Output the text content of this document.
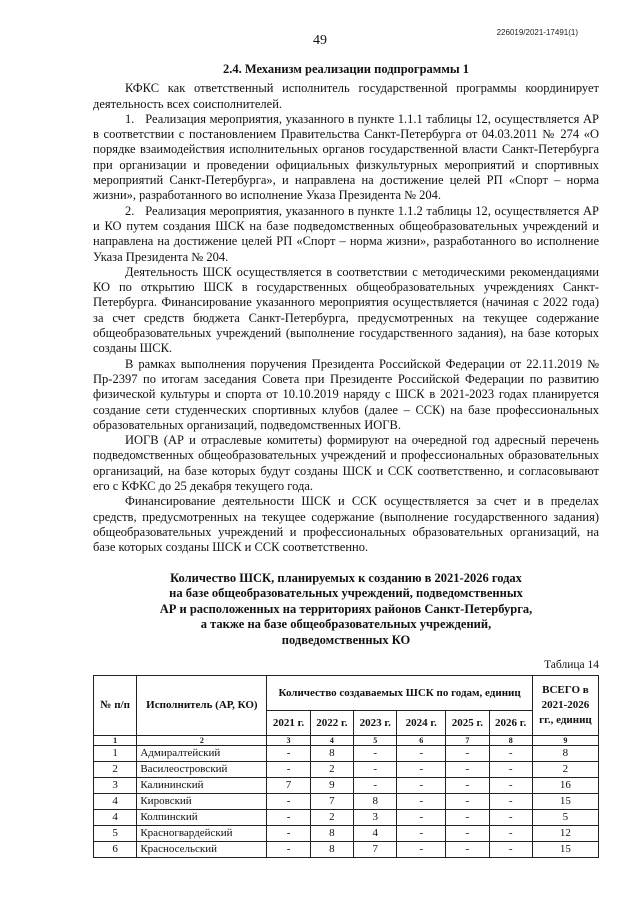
226019/2021-17491(1)
49
2.4. Механизм реализации подпрограммы 1

КФКС как ответственный исполнитель государственной программы координирует деятельность всех соисполнителей.

1.   Реализация мероприятия, указанного в пункте 1.1.1 таблицы 12, осуществляется АР в соответствии с постановлением Правительства Санкт-Петербурга от 04.03.2011 № 274 «О порядке взаимодействия исполнительных органов государственной власти Санкт-Петербурга при организации и проведении официальных физкультурных мероприятий и спортивных мероприятий Санкт-Петербурга», и направлена на достижение целей РП «Спорт – норма жизни», разработанного во исполнение Указа Президента № 204.

2.   Реализация мероприятия, указанного в пункте 1.1.2 таблицы 12, осуществляется АР и КО путем создания ШСК на базе подведомственных общеобразовательных учреждений и направлена на достижение целей РП «Спорт – норма жизни», разработанного во исполнение Указа Президента № 204.

Деятельность ШСК осуществляется в соответствии с методическими рекомендациями КО по открытию ШСК в государственных общеобразовательных учреждениях Санкт-Петербурга. Финансирование указанного мероприятия осуществляется (начиная с 2022 года) за счет средств бюджета Санкт-Петербурга, предусмотренных на текущее содержание общеобразовательных учреждений (выполнение государственного задания), на базе которых созданы ШСК.

В рамках выполнения поручения Президента Российской Федерации от 22.11.2019 № Пр-2397 по итогам заседания Совета при Президенте Российской Федерации по развитию физической культуры и спорта от 10.10.2019 наряду с ШСК в 2021-2023 годах планируется создание сети студенческих спортивных клубов (далее – ССК) на базе профессиональных образовательных организаций, подведомственных ИОГВ.

ИОГВ (АР и отраслевые комитеты) формируют на очередной год адресный перечень подведомственных общеобразовательных учреждений и профессиональных образовательных организаций, на базе которых будут созданы ШСК и ССК соответственно, и согласовывают его с КФКС до 25 декабря текущего года.

Финансирование деятельности ШСК и ССК осуществляется за счет и в пределах средств, предусмотренных на текущее содержание (выполнение государственного задания) общеобразовательных учреждений и профессиональных образовательных организаций, на базе которых созданы ШСК и ССК соответственно.

Количество ШСК, планируемых к созданию в 2021-2026 годах
на базе общеобразовательных учреждений, подведомственных
АР и расположенных на территориях районов Санкт-Петербурга,
а также на базе общеобразовательных учреждений,
подведомственных КО
Таблица 14
№ п/п	Исполнитель (АР, КО)	Количество создаваемых ШСК по годам, единиц						ВСЕГО в 2021-2026 гг., единиц
		2021 г.	2022 г.	2023 г.	2024 г.	2025 г.	2026 г.	
1	2	3	4	5	6	7	8	9
1	Адмиралтейский	-	8	-	-	-	-	8
2	Василеостровский	-	2	-	-	-	-	2
3	Калининский	7	9	-	-	-	-	16
4	Кировский	-	7	8	-	-	-	15
4	Колпинский	-	2	3	-	-	-	5
5	Красногвардейский	-	8	4	-	-	-	12
6	Красносельский	-	8	7	-	-	-	15
